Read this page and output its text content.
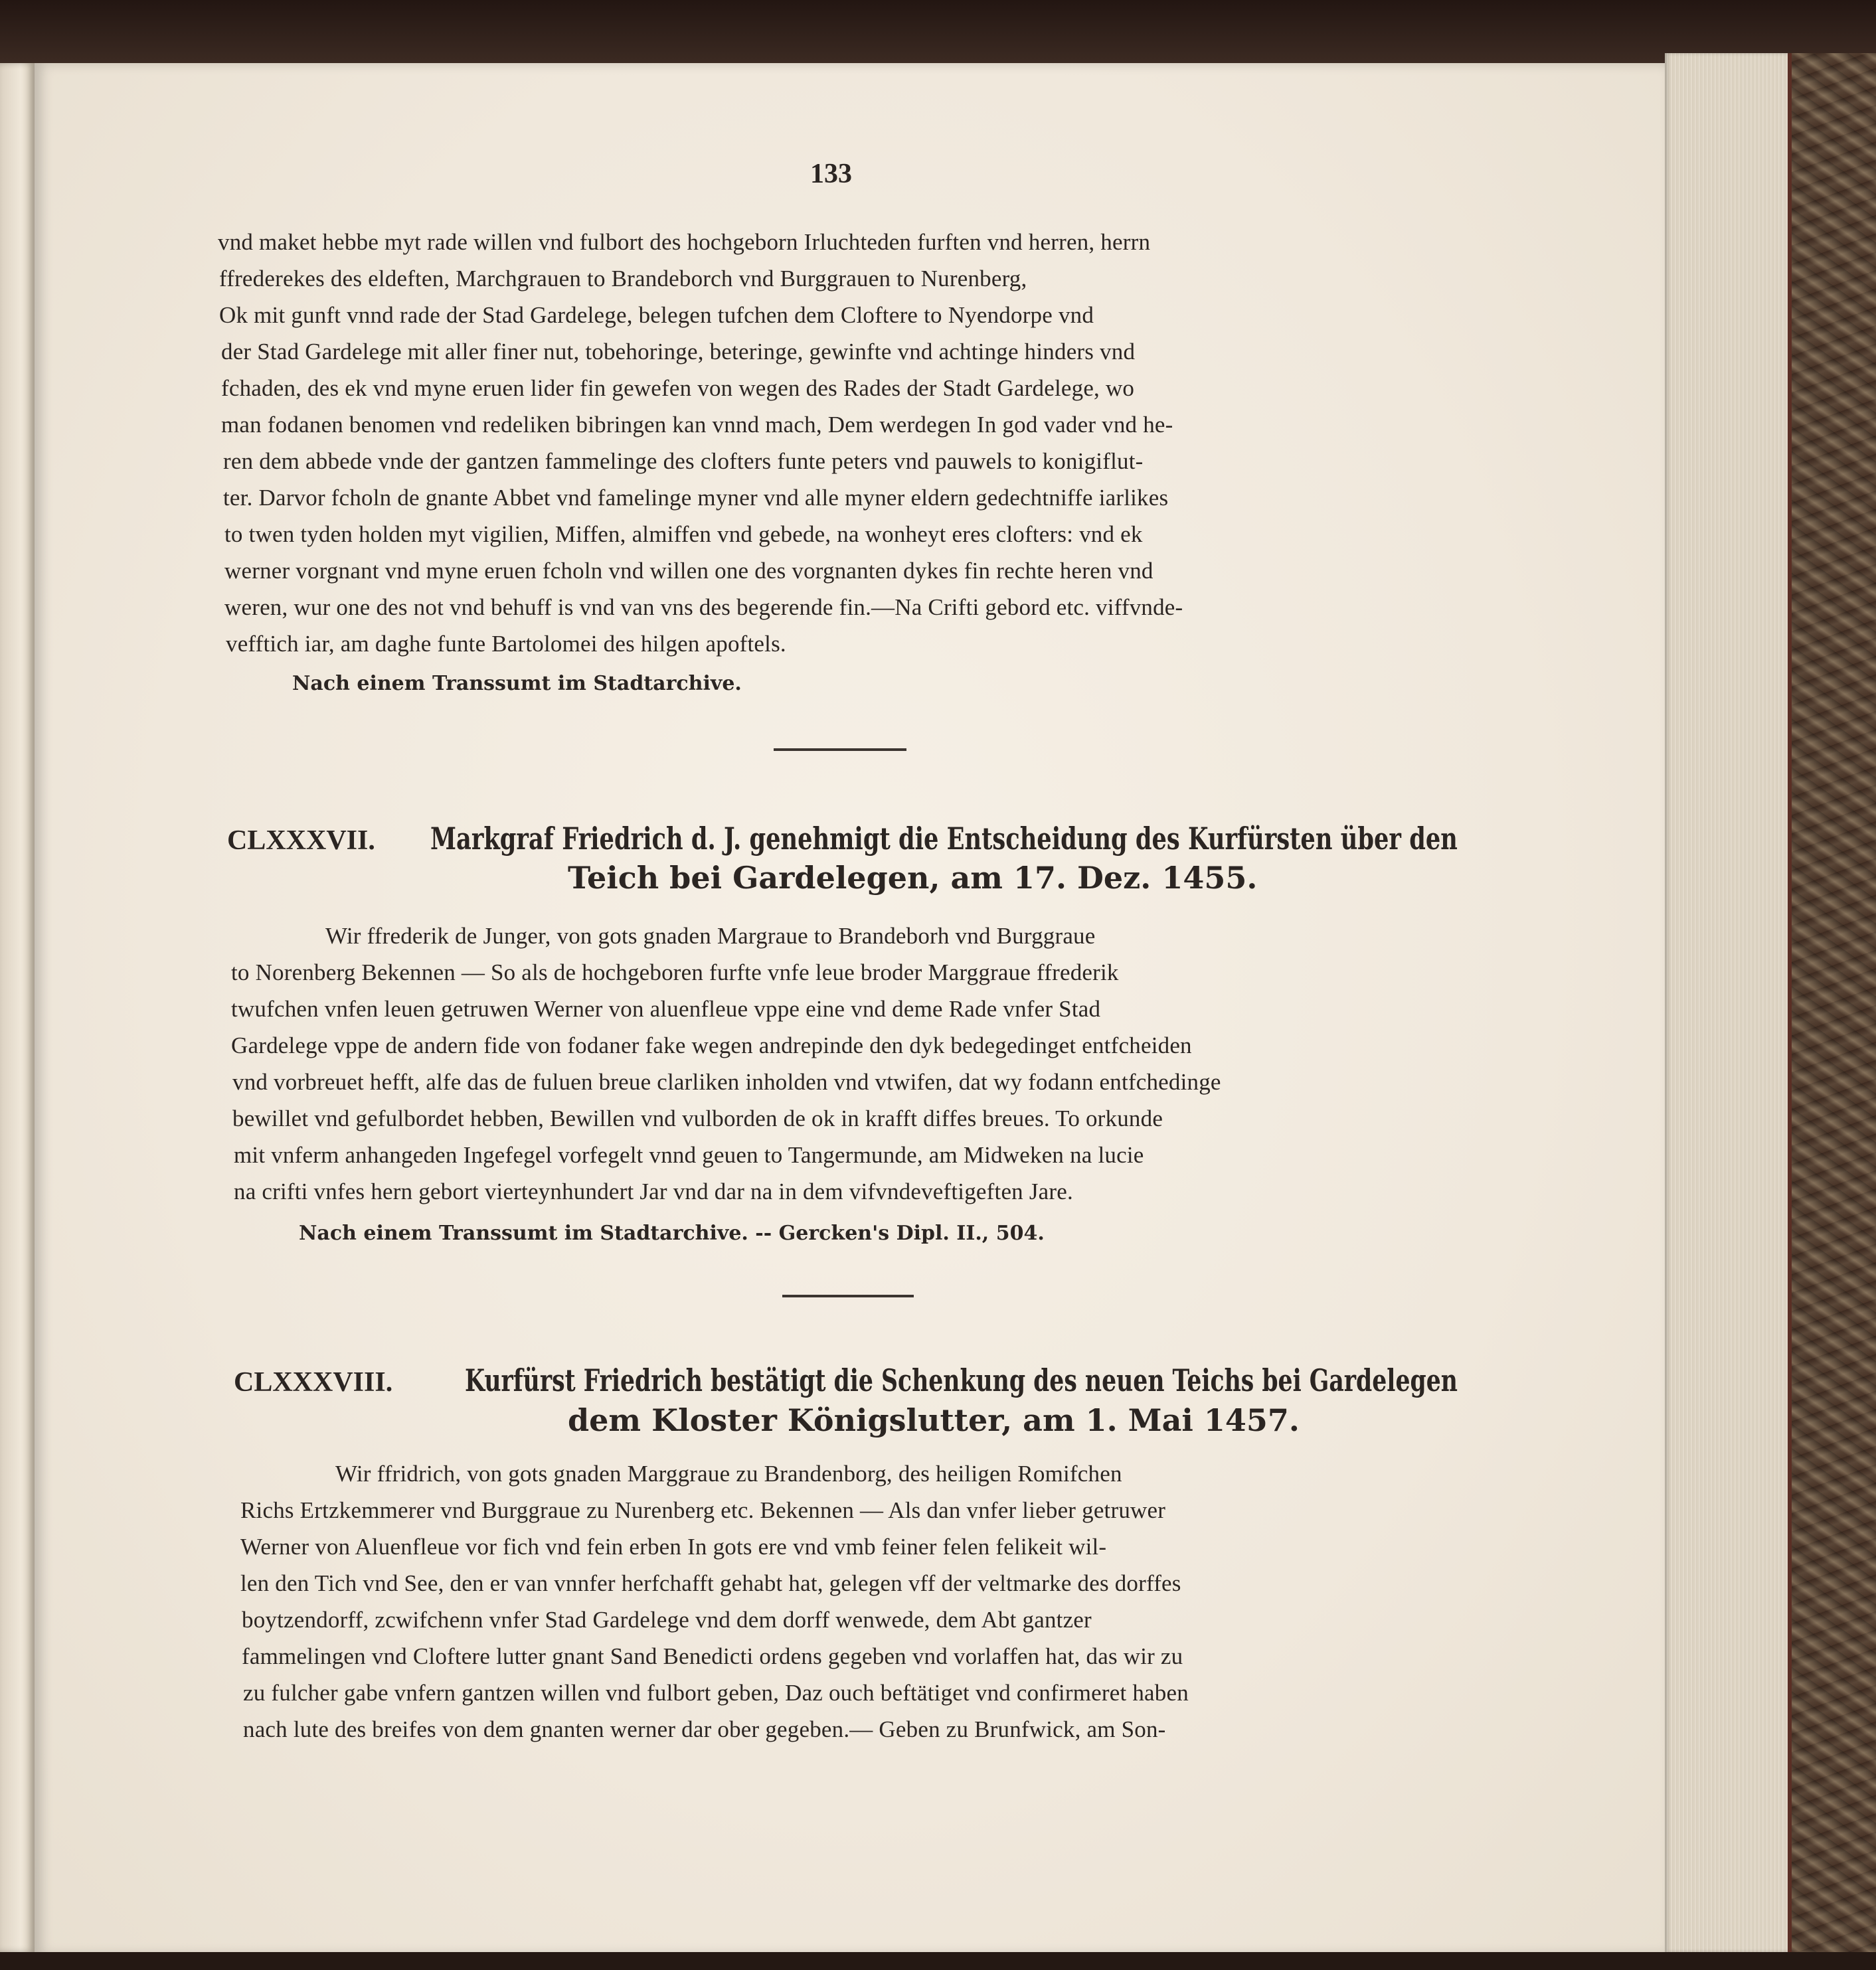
133
vnd maket hebbe myt rade willen vnd fulbort des hochgeborn Irluchteden furften vnd herren, herrn
ffrederekes des eldeften, Marchgrauen to Brandeborch vnd Burggrauen to Nurenberg,
Ok mit gunft vnnd rade der Stad Gardelege, belegen tufchen dem Cloftere to Nyendorpe vnd
der Stad Gardelege mit aller finer nut, tobehoringe, beteringe, gewinfte vnd achtinge hinders vnd
fchaden, des ek vnd myne eruen lider fin gewefen von wegen des Rades der Stadt Gardelege, wo
man fodanen benomen vnd redeliken bibringen kan vnnd mach, Dem werdegen In god vader vnd he-
ren dem abbede vnde der gantzen fammelinge des clofters funte peters vnd pauwels to konigiflut-
ter. Darvor fcholn de gnante Abbet vnd famelinge myner vnd alle myner eldern gedechtniffe iarlikes
to twen tyden holden myt vigilien, Miffen, almiffen vnd gebede, na wonheyt eres clofters: vnd ek
werner vorgnant vnd myne eruen fcholn vnd willen one des vorgnanten dykes fin rechte heren vnd
weren, wur one des not vnd behuff is vnd van vns des begerende fin.—Na Crifti gebord etc. viffvnde-
vefftich iar, am daghe funte Bartolomei des hilgen apoftels.
Nach einem Transsumt im Stadtarchive.
CLXXXVII. Markgraf Friedrich d. J. genehmigt die Entscheidung des Kurfürsten über den
Teich bei Gardelegen, am 17. Dez. 1455.
Wir ffrederik de Junger, von gots gnaden Margraue to Brandeborh vnd Burggraue
to Norenberg Bekennen — So als de hochgeboren furfte vnfe leue broder Marggraue ffrederik
twufchen vnfen leuen getruwen Werner von aluenfleue vppe eine vnd deme Rade vnfer Stad
Gardelege vppe de andern fide von fodaner fake wegen andrepinde den dyk bedegedinget entfcheiden
vnd vorbreuet hefft, alfe das de fuluen breue clarliken inholden vnd vtwifen, dat wy fodann entfchedinge
bewillet vnd gefulbordet hebben, Bewillen vnd vulborden de ok in krafft diffes breues. To orkunde
mit vnferm anhangeden Ingefegel vorfegelt vnnd geuen to Tangermunde, am Midweken na lucie
na crifti vnfes hern gebort vierteynhundert Jar vnd dar na in dem vifvndeveftigeften Jare.
Nach einem Transsumt im Stadtarchive. -- Gercken's Dipl. II., 504.
CLXXXVIII. Kurfürst Friedrich bestätigt die Schenkung des neuen Teichs bei Gardelegen
dem Kloster Königslutter, am 1. Mai 1457.
Wir ffridrich, von gots gnaden Marggraue zu Brandenborg, des heiligen Romifchen
Richs Ertzkemmerer vnd Burggraue zu Nurenberg etc. Bekennen — Als dan vnfer lieber getruwer
Werner von Aluenfleue vor fich vnd fein erben In gots ere vnd vmb feiner felen felikeit wil-
len den Tich vnd See, den er van vnnfer herfchafft gehabt hat, gelegen vff der veltmarke des dorffes
boytzendorff, zcwifchenn vnfer Stad Gardelege vnd dem dorff wenwede, dem Abt gantzer
fammelingen vnd Cloftere lutter gnant Sand Benedicti ordens gegeben vnd vorlaffen hat, das wir zu
zu fulcher gabe vnfern gantzen willen vnd fulbort geben, Daz ouch beftätiget vnd confirmeret haben
nach lute des breifes von dem gnanten werner dar ober gegeben.— Geben zu Brunfwick, am Son-
